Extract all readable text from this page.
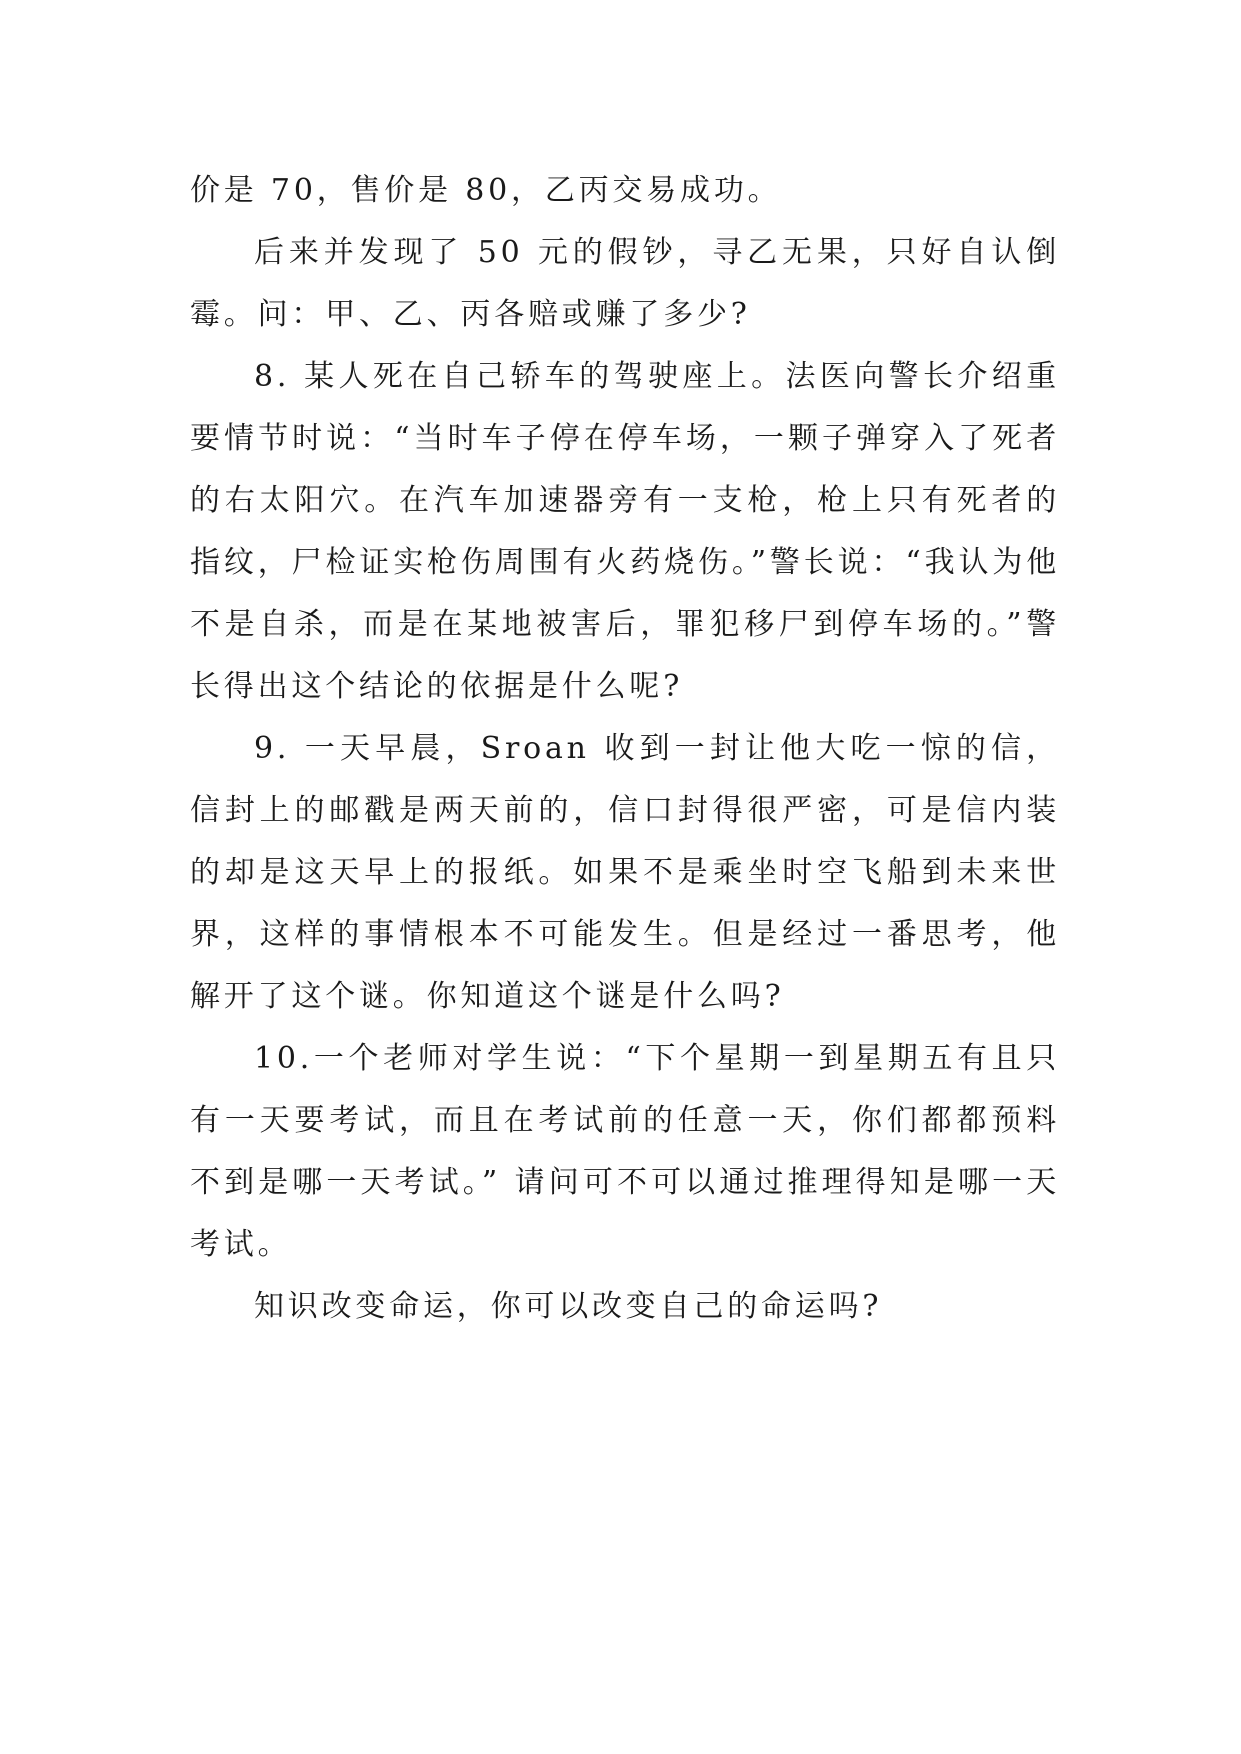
价是 70，售价是 80，乙丙交易成功。

后来并发现了 50 元的假钞，寻乙无果，只好自认倒霉。问：甲、乙、丙各赔或赚了多少?

8. 某人死在自己轿车的驾驶座上。法医向警长介绍重要情节时说：“当时车子停在停车场，一颗子弹穿入了死者的右太阳穴。在汽车加速器旁有一支枪，枪上只有死者的指纹，尸检证实枪伤周围有火药烧伤。”警长说：“我认为他不是自杀，而是在某地被害后，罪犯移尸到停车场的。”警长得出这个结论的依据是什么呢?

9. 一天早晨，Sroan 收到一封让他大吃一惊的信，信封上的邮戳是两天前的，信口封得很严密，可是信内装的却是这天早上的报纸。如果不是乘坐时空飞船到未来世界，这样的事情根本不可能发生。但是经过一番思考，他解开了这个谜。你知道这个谜是什么吗?

10.一个老师对学生说：“下个星期一到星期五有且只有一天要考试，而且在考试前的任意一天，你们都都预料不到是哪一天考试。” 请问可不可以通过推理得知是哪一天考试。

知识改变命运，你可以改变自己的命运吗?
